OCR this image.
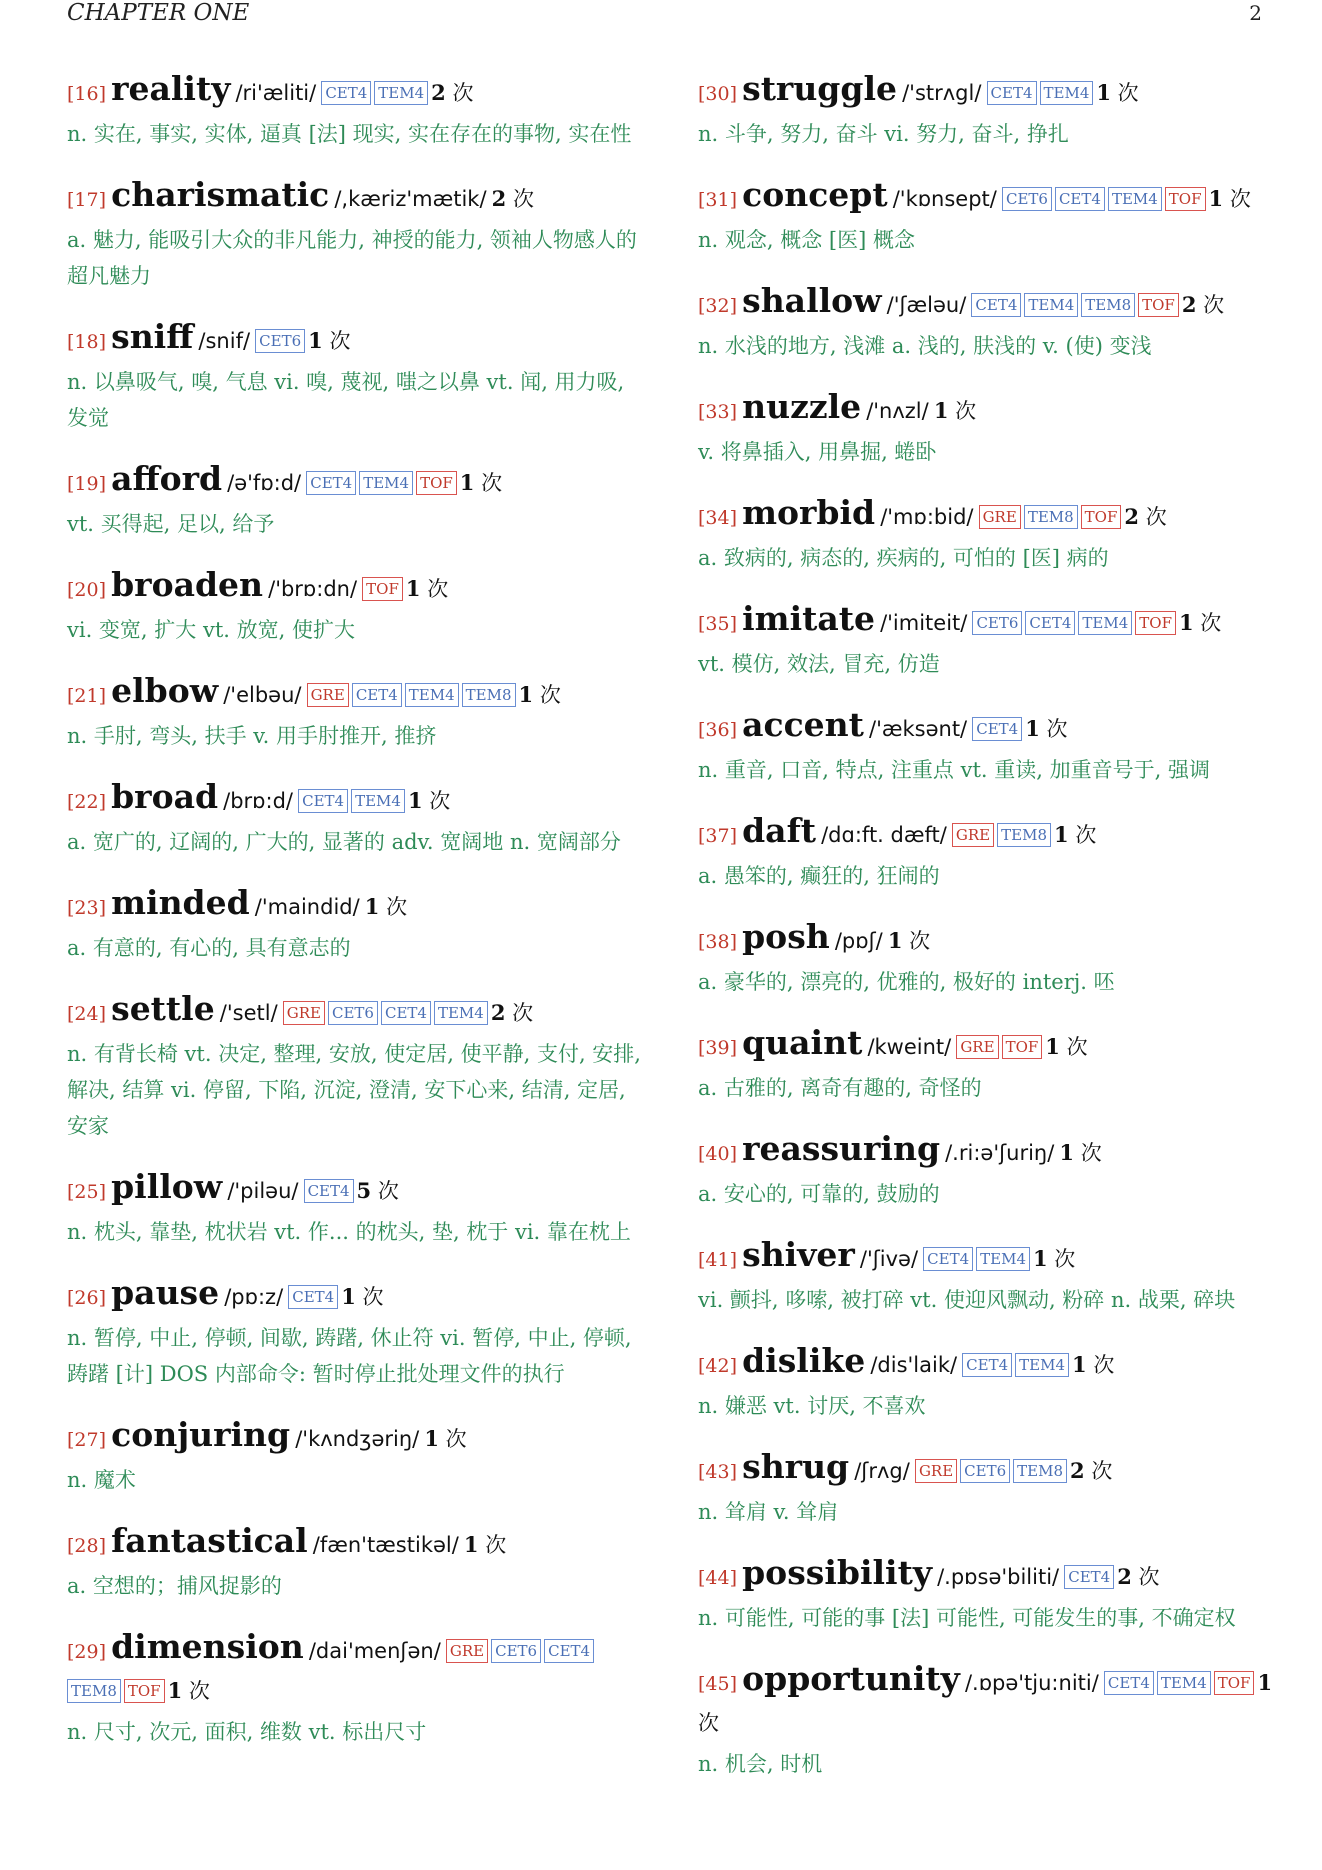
CHAPTER ONE	2
[16] reality /ri'æliti/ CET4 TEM4 2 次
n. 实在, 事实, 实体, 逼真 [法] 现实, 实在存在的事物, 实在性
[17] charismatic /,kæriz'mætik/ 2 次
a. 魅力, 能吸引大众的非凡能力, 神授的能力, 领袖人物感人的超凡魅力
[18] sniff /snif/ CET6 1 次
n. 以鼻吸气, 嗅, 气息 vi. 嗅, 蔑视, 嗤之以鼻 vt. 闻, 用力吸, 发觉
[19] afford /ə'fɒ:d/ CET4 TEM4 TOF 1 次
vt. 买得起, 足以, 给予
[20] broaden /'brɒ:dn/ TOF 1 次
vi. 变宽, 扩大 vt. 放宽, 使扩大
[21] elbow /'elbəu/ GRE CET4 TEM4 TEM8 1 次
n. 手肘, 弯头, 扶手 v. 用手肘推开, 推挤
[22] broad /brɒ:d/ CET4 TEM4 1 次
a. 宽广的, 辽阔的, 广大的, 显著的 adv. 宽阔地 n. 宽阔部分
[23] minded /'maindid/ 1 次
a. 有意的, 有心的, 具有意志的
[24] settle /'setl/ GRE CET6 CET4 TEM4 2 次
n. 有背长椅 vt. 决定, 整理, 安放, 使定居, 使平静, 支付, 安排, 解决, 结算 vi. 停留, 下陷, 沉淀, 澄清, 安下心来, 结清, 定居, 安家
[25] pillow /'piləu/ CET4 5 次
n. 枕头, 靠垫, 枕状岩 vt. 作... 的枕头, 垫, 枕于 vi. 靠在枕上
[26] pause /pɒ:z/ CET4 1 次
n. 暂停, 中止, 停顿, 间歇, 踌躇, 休止符 vi. 暂停, 中止, 停顿, 踌躇 [计] DOS 内部命令: 暂时停止批处理文件的执行
[27] conjuring /'kʌndʒəriŋ/ 1 次
n. 魔术
[28] fantastical /fæn'tæstikəl/ 1 次
a. 空想的；捕风捉影的
[29] dimension /dai'menʃən/ GRE CET6 CET4TEM8 TOF 1 次
n. 尺寸, 次元, 面积, 维数 vt. 标出尺寸
[30] struggle /'strʌgl/ CET4 TEM4 1 次
n. 斗争, 努力, 奋斗 vi. 努力, 奋斗, 挣扎
[31] concept /'kɒnsept/ CET6 CET4 TEM4 TOF 1 次
n. 观念, 概念 [医] 概念
[32] shallow /'ʃæləu/ CET4 TEM4 TEM8 TOF 2 次
n. 水浅的地方, 浅滩 a. 浅的, 肤浅的 v. (使) 变浅
[33] nuzzle /'nʌzl/ 1 次
v. 将鼻插入, 用鼻掘, 蜷卧
[34] morbid /'mɒ:bid/ GRE TEM8 TOF 2 次
a. 致病的, 病态的, 疾病的, 可怕的 [医] 病的
[35] imitate /'imiteit/ CET6 CET4 TEM4 TOF 1 次
vt. 模仿, 效法, 冒充, 仿造
[36] accent /'æksənt/ CET4 1 次
n. 重音, 口音, 特点, 注重点 vt. 重读, 加重音号于, 强调
[37] daft /dɑ:ft. dæft/ GRE TEM8 1 次
a. 愚笨的, 癫狂的, 狂闹的
[38] posh /pɒʃ/ 1 次
a. 豪华的, 漂亮的, 优雅的, 极好的 interj. 呸
[39] quaint /kweint/ GRE TOF 1 次
a. 古雅的, 离奇有趣的, 奇怪的
[40] reassuring /.ri:ə'ʃuriŋ/ 1 次
a. 安心的, 可靠的, 鼓励的
[41] shiver /'ʃivə/ CET4 TEM4 1 次
vi. 颤抖, 哆嗦, 被打碎 vt. 使迎风飘动, 粉碎 n. 战栗, 碎块
[42] dislike /dis'laik/ CET4 TEM4 1 次
n. 嫌恶 vt. 讨厌, 不喜欢
[43] shrug /ʃrʌg/ GRE CET6 TEM8 2 次
n. 耸肩 v. 耸肩
[44] possibility /.pɒsə'biliti/ CET4 2 次
n. 可能性, 可能的事 [法] 可能性, 可能发生的事, 不确定权
[45] opportunity /.ɒpə'tju:niti/ CET4 TEM4 TOF 1 次
n. 机会, 时机
